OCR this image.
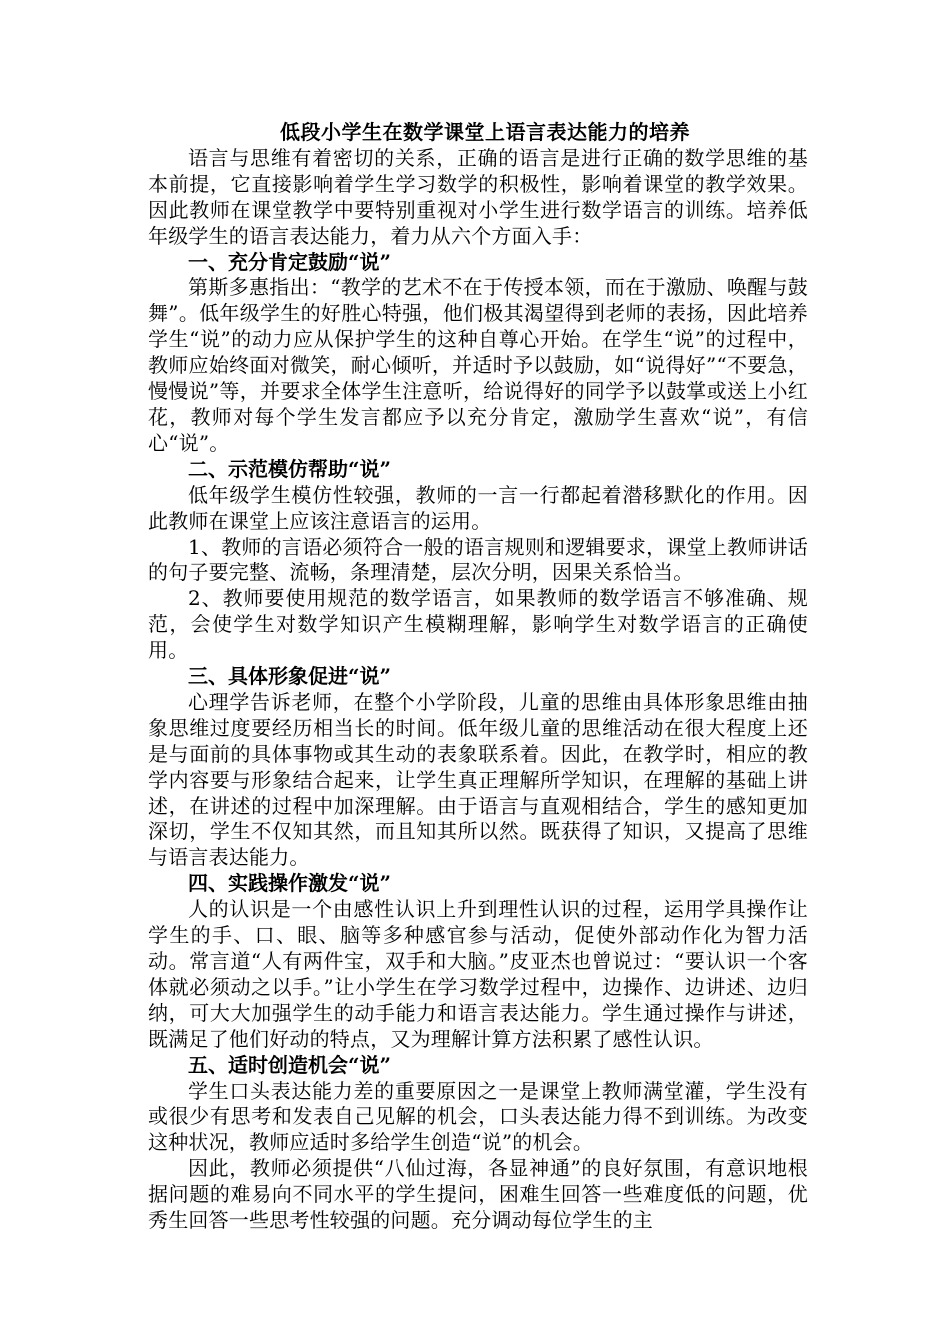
低段小学生在数学课堂上语言表达能力的培养

语言与思维有着密切的关系，正确的语言是进行正确的数学思维的基本前提，它直接影响着学生学习数学的积极性，影响着课堂的教学效果。因此教师在课堂教学中要特别重视对小学生进行数学语言的训练。培养低年级学生的语言表达能力，着力从六个方面入手：

一、充分肯定鼓励“说”

第斯多惠指出：“教学的艺术不在于传授本领，而在于激励、唤醒与鼓舞”。低年级学生的好胜心特强，他们极其渴望得到老师的表扬，因此培养学生“说”的动力应从保护学生的这种自尊心开始。在学生“说”的过程中，教师应始终面对微笑，耐心倾听，并适时予以鼓励，如“说得好”“不要急，慢慢说”等，并要求全体学生注意听，给说得好的同学予以鼓掌或送上小红花，教师对每个学生发言都应予以充分肯定，激励学生喜欢“说”，有信心“说”。

二、示范模仿帮助“说”

低年级学生模仿性较强，教师的一言一行都起着潜移默化的作用。因此教师在课堂上应该注意语言的运用。

1、教师的言语必须符合一般的语言规则和逻辑要求，课堂上教师讲话的句子要完整、流畅，条理清楚，层次分明，因果关系恰当。

2、教师要使用规范的数学语言，如果教师的数学语言不够准确、规范，会使学生对数学知识产生模糊理解，影响学生对数学语言的正确使用。

三、具体形象促进“说”

心理学告诉老师，在整个小学阶段，儿童的思维由具体形象思维由抽象思维过度要经历相当长的时间。低年级儿童的思维活动在很大程度上还是与面前的具体事物或其生动的表象联系着。因此，在教学时，相应的教学内容要与形象结合起来，让学生真正理解所学知识，在理解的基础上讲述，在讲述的过程中加深理解。由于语言与直观相结合，学生的感知更加深切，学生不仅知其然，而且知其所以然。既获得了知识，又提高了思维与语言表达能力。

四、实践操作激发“说”

人的认识是一个由感性认识上升到理性认识的过程，运用学具操作让学生的手、口、眼、脑等多种感官参与活动，促使外部动作化为智力活动。常言道“人有两件宝，双手和大脑。”皮亚杰也曾说过：“要认识一个客体就必须动之以手。”让小学生在学习数学过程中，边操作、边讲述、边归纳，可大大加强学生的动手能力和语言表达能力。学生通过操作与讲述，既满足了他们好动的特点，又为理解计算方法积累了感性认识。

五、适时创造机会“说”

学生口头表达能力差的重要原因之一是课堂上教师满堂灌，学生没有或很少有思考和发表自己见解的机会，口头表达能力得不到训练。为改变这种状况，教师应适时多给学生创造“说”的机会。

因此，教师必须提供“八仙过海，各显神通”的良好氛围，有意识地根据问题的难易向不同水平的学生提问，困难生回答一些难度低的问题，优秀生回答一些思考性较强的问题。充分调动每位学生的主
